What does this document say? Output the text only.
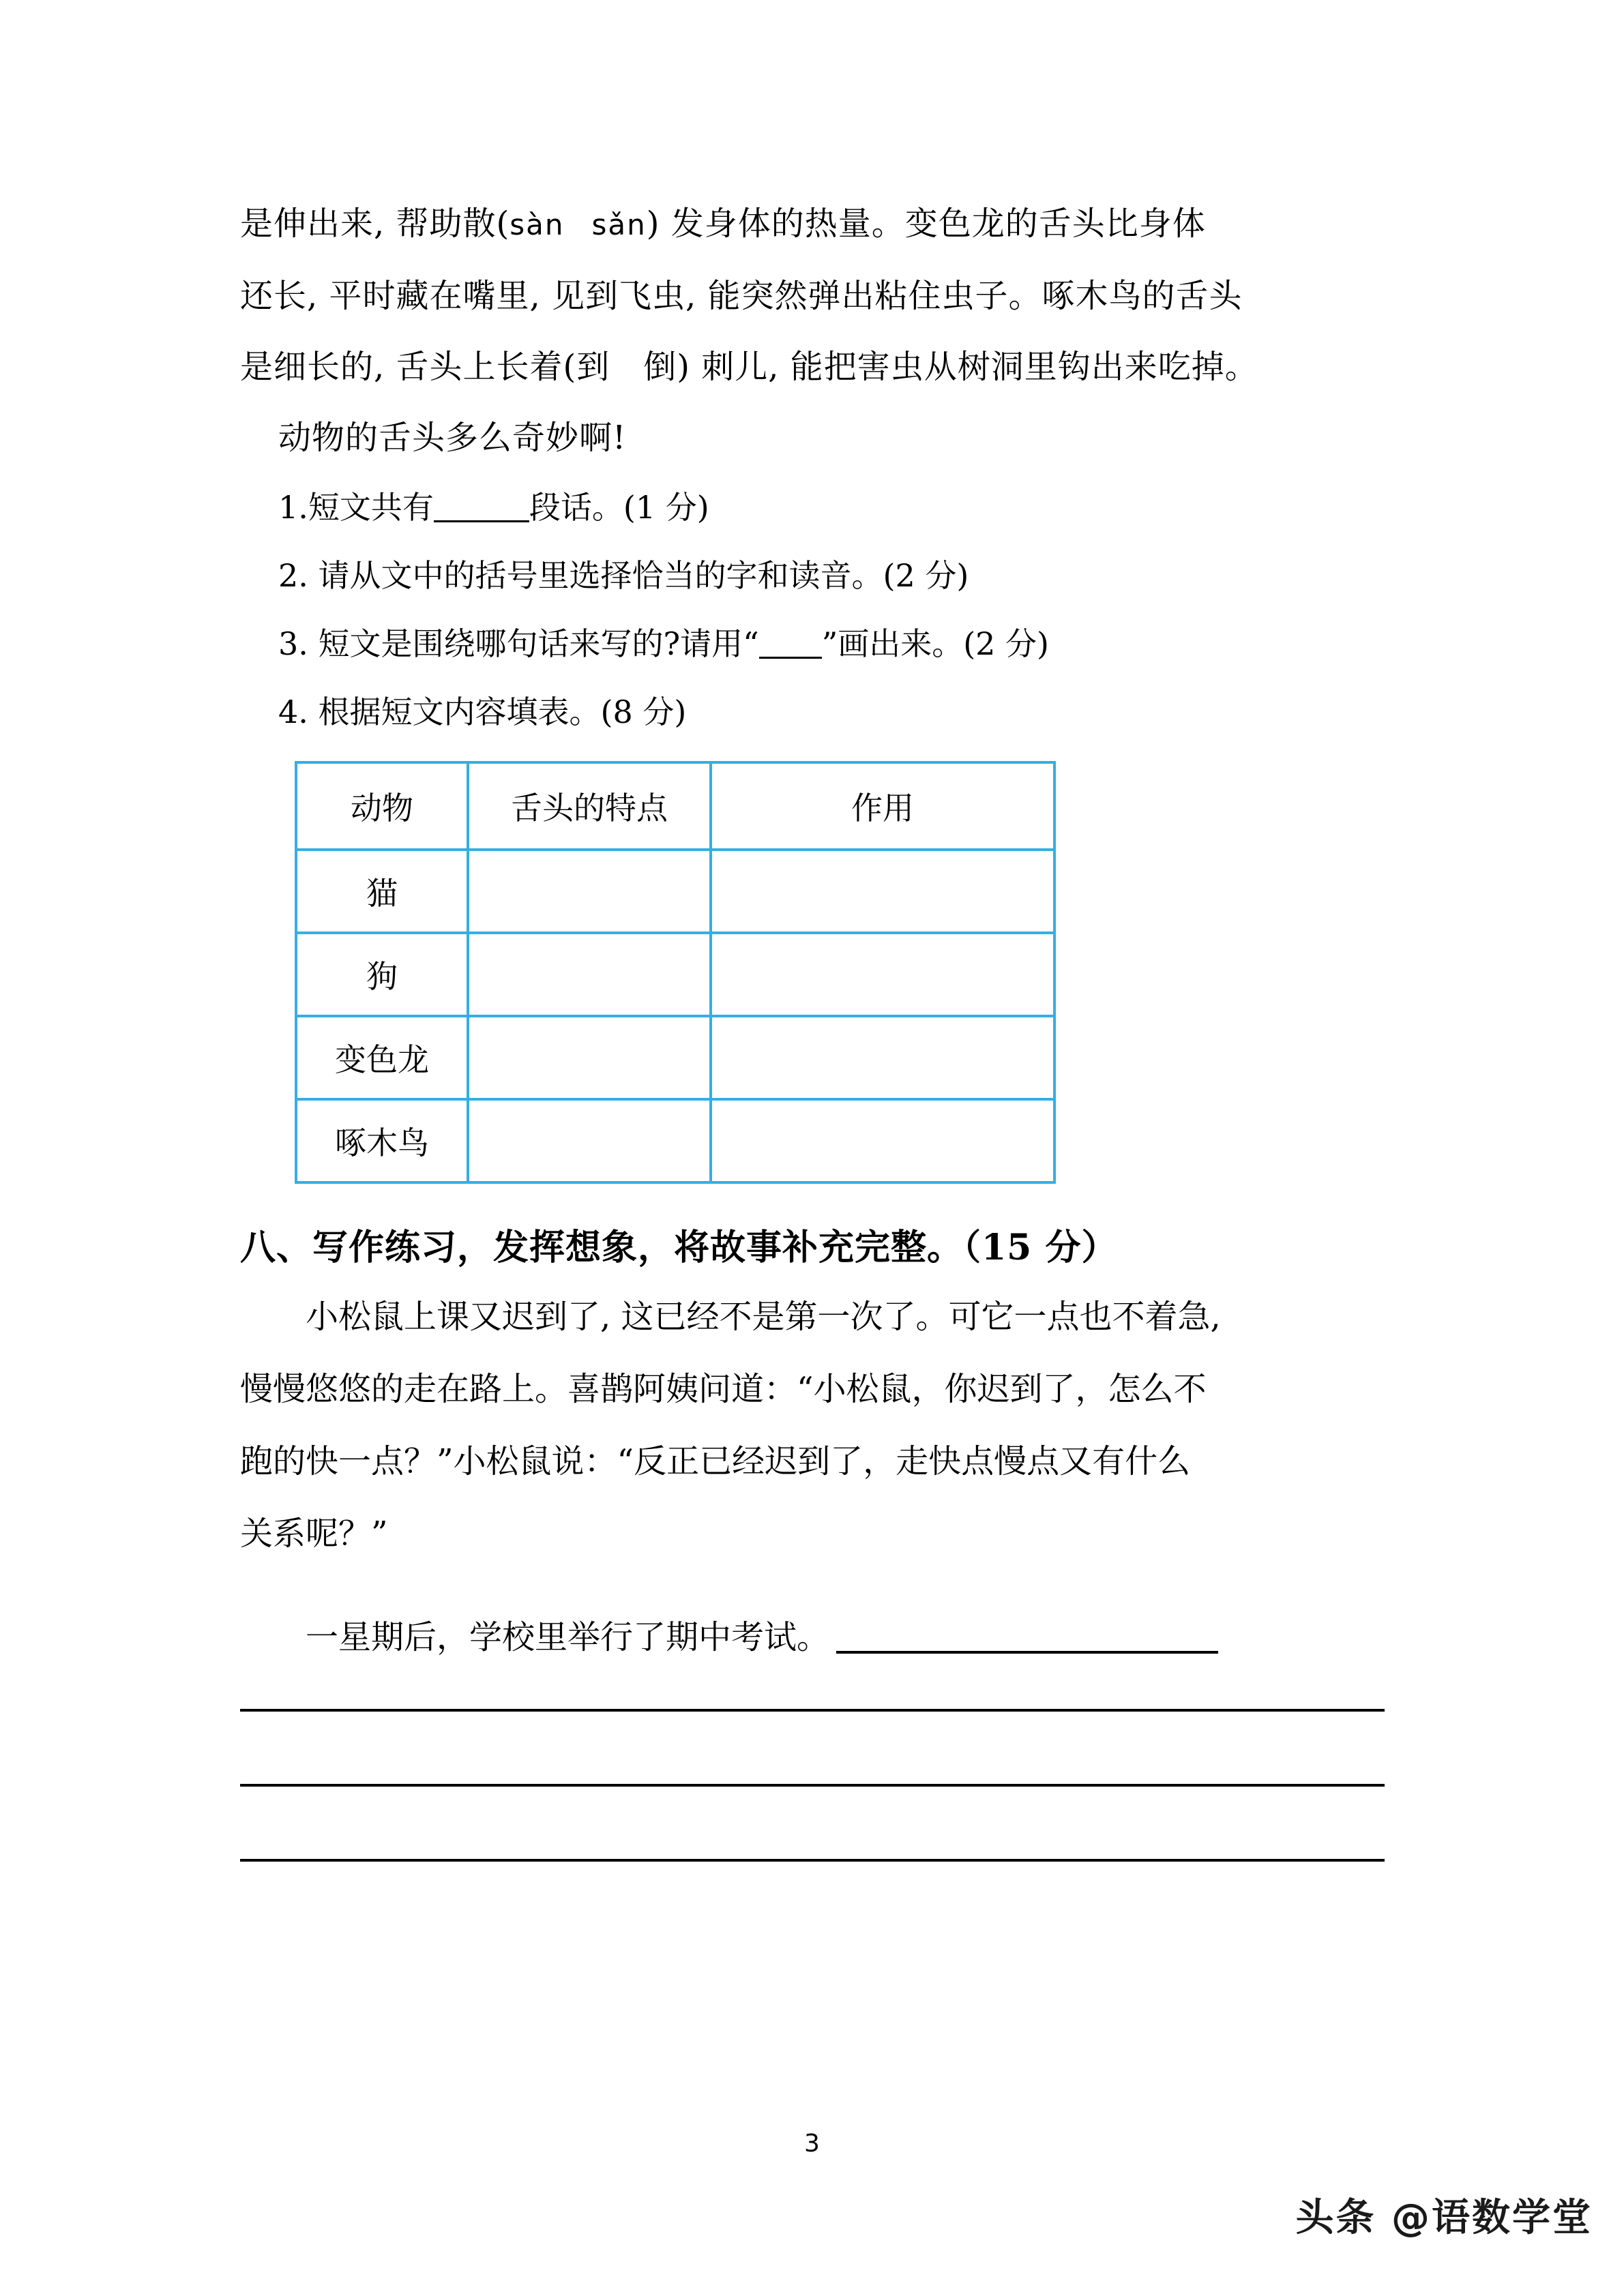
是伸出来, 帮助散(sàn sǎn) 发身体的热量。变色龙的舌头比身体
还长, 平时藏在嘴里, 见到飞虫, 能突然弹出粘住虫子。啄木鸟的舌头
是细长的, 舌头上长着(到　倒) 刺儿, 能把害虫从树洞里钩出来吃掉。
动物的舌头多么奇妙啊!
1.短文共有	段话。(1 分)
2. 请从文中的括号里选择恰当的字和读音。(2 分)
3. 短文是围绕哪句话来写的?请用“ ”画出来。(2 分)
4. 根据短文内容填表。(8 分)
动物	舌头的特点	作用
猫		
狗		
变色龙		
啄木鸟		
八、写作练习，发挥想象，将故事补充完整。（15 分）
小松鼠上课又迟到了, 这已经不是第一次了。可它一点也不着急,
慢慢悠悠的走在路上。喜鹊阿姨问道：“小松鼠，你迟到了，怎么不
跑的快一点？”小松鼠说：“反正已经迟到了，走快点慢点又有什么
关系呢？”
一星期后，学校里举行了期中考试。
3
头条 @语数学堂
